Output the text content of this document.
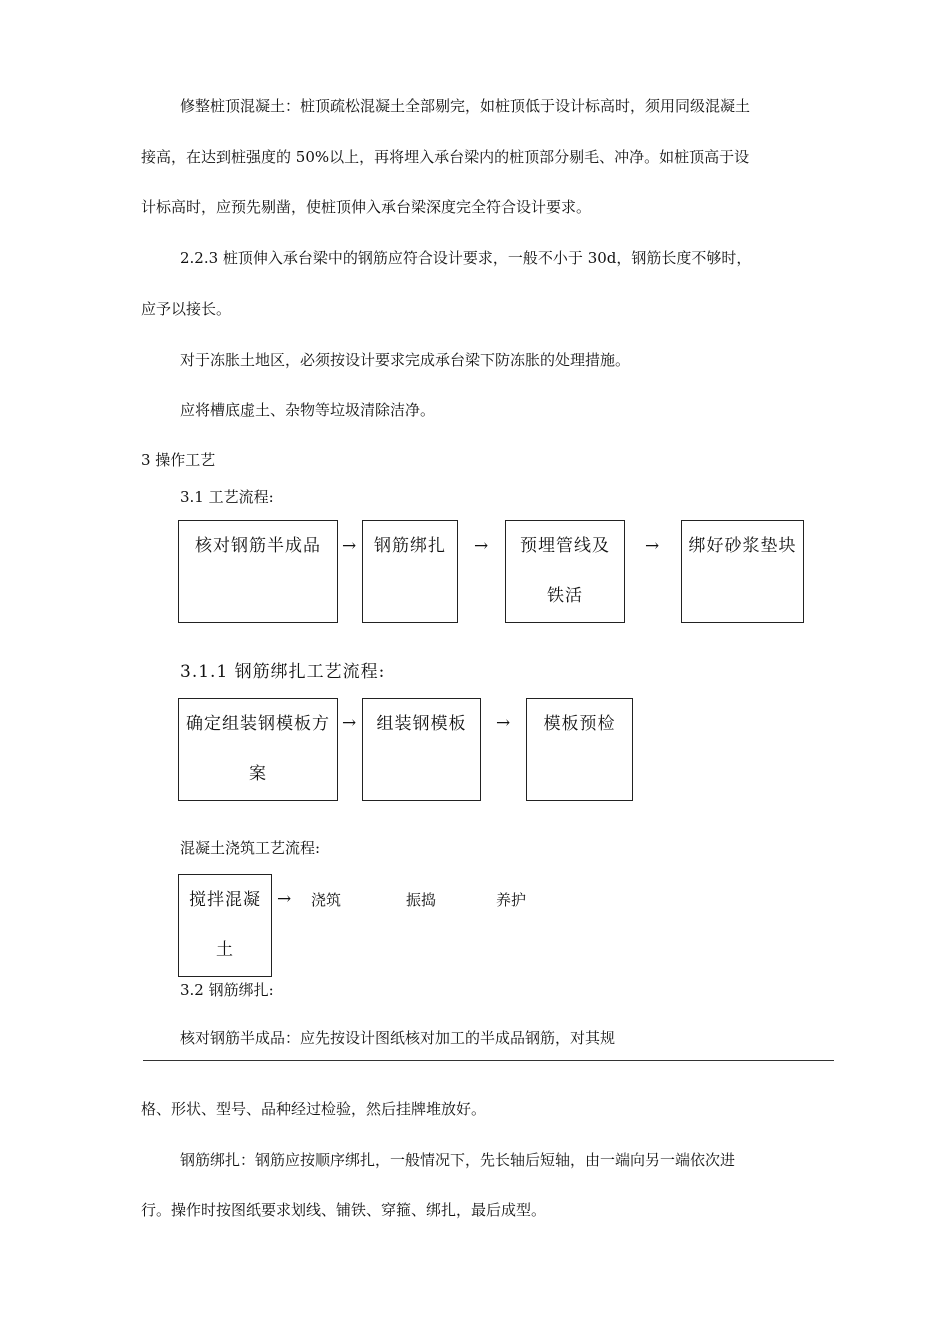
修整桩顶混凝土：桩顶疏松混凝土全部剔完，如桩顶低于设计标高时，须用同级混凝土
接高，在达到桩强度的 50%以上，再将埋入承台梁内的桩顶部分剔毛、冲净。如桩顶高于设
计标高时，应预先剔凿，使桩顶伸入承台梁深度完全符合设计要求。
2.2.3 桩顶伸入承台梁中的钢筋应符合设计要求，一般不小于 30d，钢筋长度不够时，
应予以接长。
对于冻胀土地区，必须按设计要求完成承台梁下防冻胀的处理措施。
应将槽底虚土、杂物等垃圾清除洁净。
3 操作工艺
3.1 工艺流程:
核对钢筋半成品	→	钢筋绑扎	→	预埋管线及
铁活
→	绑好砂浆垫块
3.1.1 钢筋绑扎工艺流程:
确定组装钢模板方
案
→	组装钢模板	→	模板预检
混凝土浇筑工艺流程:
搅拌混凝
土
→ 浇筑	振捣	养护
3.2 钢筋绑扎:
核对钢筋半成品：应先按设计图纸核对加工的半成品钢筋，对其规
格、形状、型号、品种经过检验，然后挂牌堆放好。
钢筋绑扎：钢筋应按顺序绑扎，一般情况下，先长轴后短轴，由一端向另一端依次进
行。操作时按图纸要求划线、铺铁、穿箍、绑扎，最后成型。
